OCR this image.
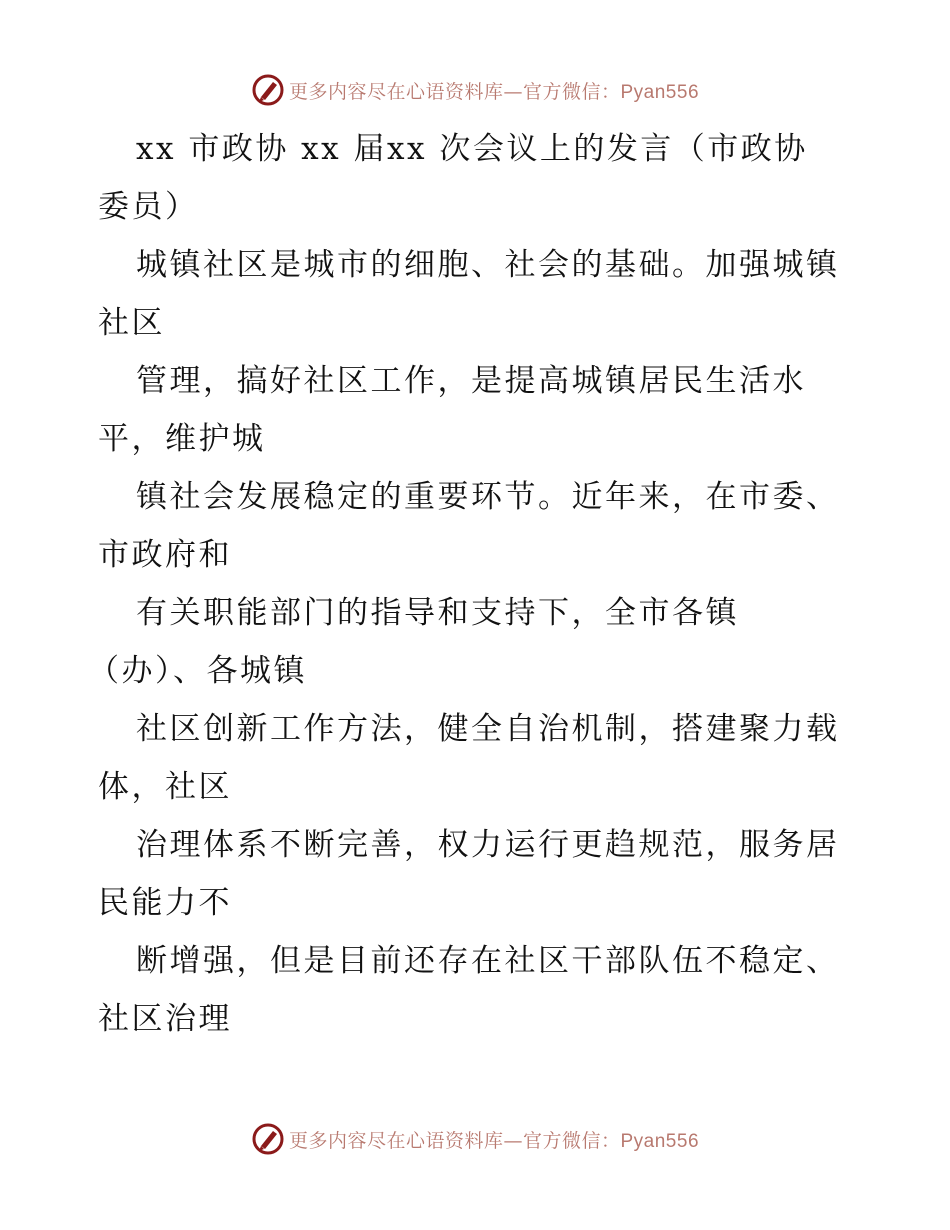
更多内容尽在心语资料库—官方微信：Pyan556

xx 市政协 xx 届xx 次会议上的发言（市政协
委员）

城镇社区是城市的细胞、社会的基础。加强城镇
社区

管理，搞好社区工作，是提高城镇居民生活水
平，维护城

镇社会发展稳定的重要环节。近年来，在市委、
市政府和

有关职能部门的指导和支持下，全市各镇
（办）、各城镇

社区创新工作方法，健全自治机制，搭建聚力载
体，社区

治理体系不断完善，权力运行更趋规范，服务居
民能力不

断增强，但是目前还存在社区干部队伍不稳定、
社区治理

更多内容尽在心语资料库—官方微信：Pyan556
